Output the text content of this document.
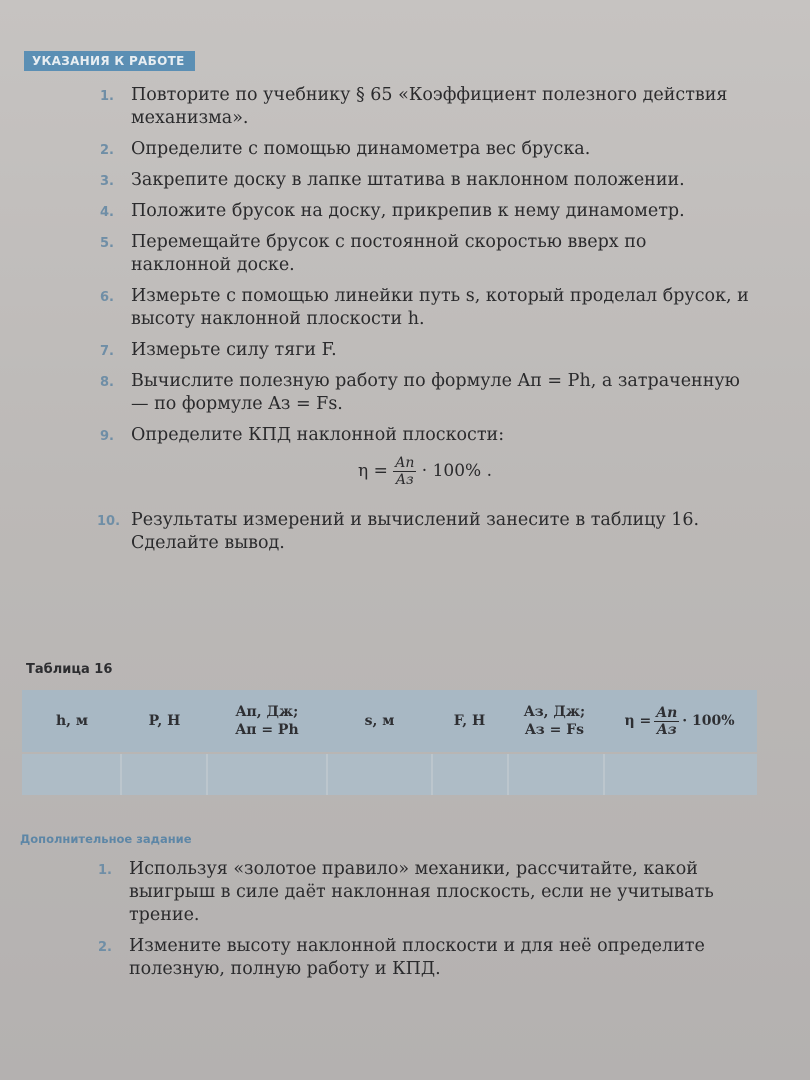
УКАЗАНИЯ К РАБОТЕ
1. Повторите по учебнику § 65 «Коэффициент полезного действия механизма».
2. Определите с помощью динамометра вес бруска.
3. Закрепите доску в лапке штатива в наклонном положении.
4. Положите брусок на доску, прикрепив к нему динамометр.
5. Перемещайте брусок с постоянной скоростью вверх по наклонной доске.
6. Измерьте с помощью линейки путь s, который проделал брусок, и высоту наклонной плоскости h.
7. Измерьте силу тяги F.
8. Вычислите полезную работу по формуле Aп = Ph, а затраченную — по формуле Aз = Fs.
9. Определите КПД наклонной плоскости:
$\eta = \frac{Aп}{Aз} \cdot 100\%$ .
10. Результаты измерений и вычислений занесите в таблицу 16. Сделайте вывод.
Таблица 16
h, м	P, Н
Aп, Дж;
Aп = Ph
s, м	F, Н
Aз, Дж;
Aз = Fs
$\eta = \frac{Aп}{Aз} \cdot 100\%$
Дополнительное задание
1. Используя «золотое правило» механики, рассчитайте, какой выигрыш в силе даёт наклонная плоскость, если не учитывать трение.
2. Измените высоту наклонной плоскости и для неё определите полезную, полную работу и КПД.
